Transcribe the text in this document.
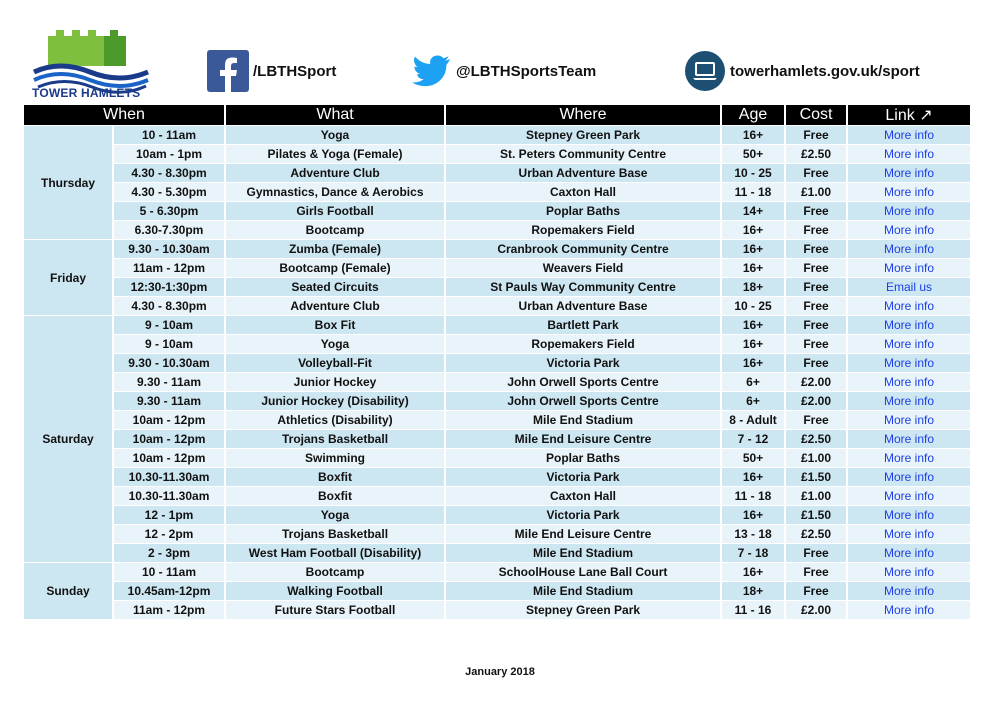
TOWER HAMLETS
/LBTHSport	@LBTHSportsTeam	towerhamlets.gov.uk/sport
When		What	Where	Age	Cost	Link ↗
Thursday	10 - 11am	Yoga	Stepney Green Park	16+	Free	More info
	10am - 1pm	Pilates & Yoga (Female)	St. Peters Community Centre	50+	£2.50	More info
	4.30 - 8.30pm	Adventure Club	Urban Adventure Base	10 - 25	Free	More info
	4.30 - 5.30pm	Gymnastics, Dance & Aerobics	Caxton Hall	11 - 18	£1.00	More info
	5 - 6.30pm	Girls Football	Poplar Baths	14+	Free	More info
	6.30-7.30pm	Bootcamp	Ropemakers Field	16+	Free	More info
Friday	9.30 - 10.30am	Zumba (Female)	Cranbrook Community Centre	16+	Free	More info
	11am - 12pm	Bootcamp (Female)	Weavers Field	16+	Free	More info
	12:30-1:30pm	Seated Circuits	St Pauls Way Community Centre	18+	Free	Email us
	4.30 - 8.30pm	Adventure Club	Urban Adventure Base	10 - 25	Free	More info
Saturday	9 - 10am	Box Fit	Bartlett Park	16+	Free	More info
	9 - 10am	Yoga	Ropemakers Field	16+	Free	More info
	9.30 - 10.30am	Volleyball-Fit	Victoria Park	16+	Free	More info
	9.30 - 11am	Junior Hockey	John Orwell Sports Centre	6+	£2.00	More info
	9.30 - 11am	Junior Hockey (Disability)	John Orwell Sports Centre	6+	£2.00	More info
	10am - 12pm	Athletics (Disability)	Mile End Stadium	8 - Adult	Free	More info
	10am - 12pm	Trojans Basketball	Mile End Leisure Centre	7 - 12	£2.50	More info
	10am - 12pm	Swimming	Poplar Baths	50+	£1.00	More info
	10.30-11.30am	Boxfit	Victoria Park	16+	£1.50	More info
	10.30-11.30am	Boxfit	Caxton Hall	11 - 18	£1.00	More info
	12 - 1pm	Yoga	Victoria Park	16+	£1.50	More info
	12 - 2pm	Trojans Basketball	Mile End Leisure Centre	13 - 18	£2.50	More info
	2 - 3pm	West Ham Football (Disability)	Mile End Stadium	7 - 18	Free	More info
Sunday	10 - 11am	Bootcamp	SchoolHouse Lane Ball Court	16+	Free	More info
	10.45am-12pm	Walking Football	Mile End Stadium	18+	Free	More info
	11am - 12pm	Future Stars Football	Stepney Green Park	11 - 16	£2.00	More info
January 2018
